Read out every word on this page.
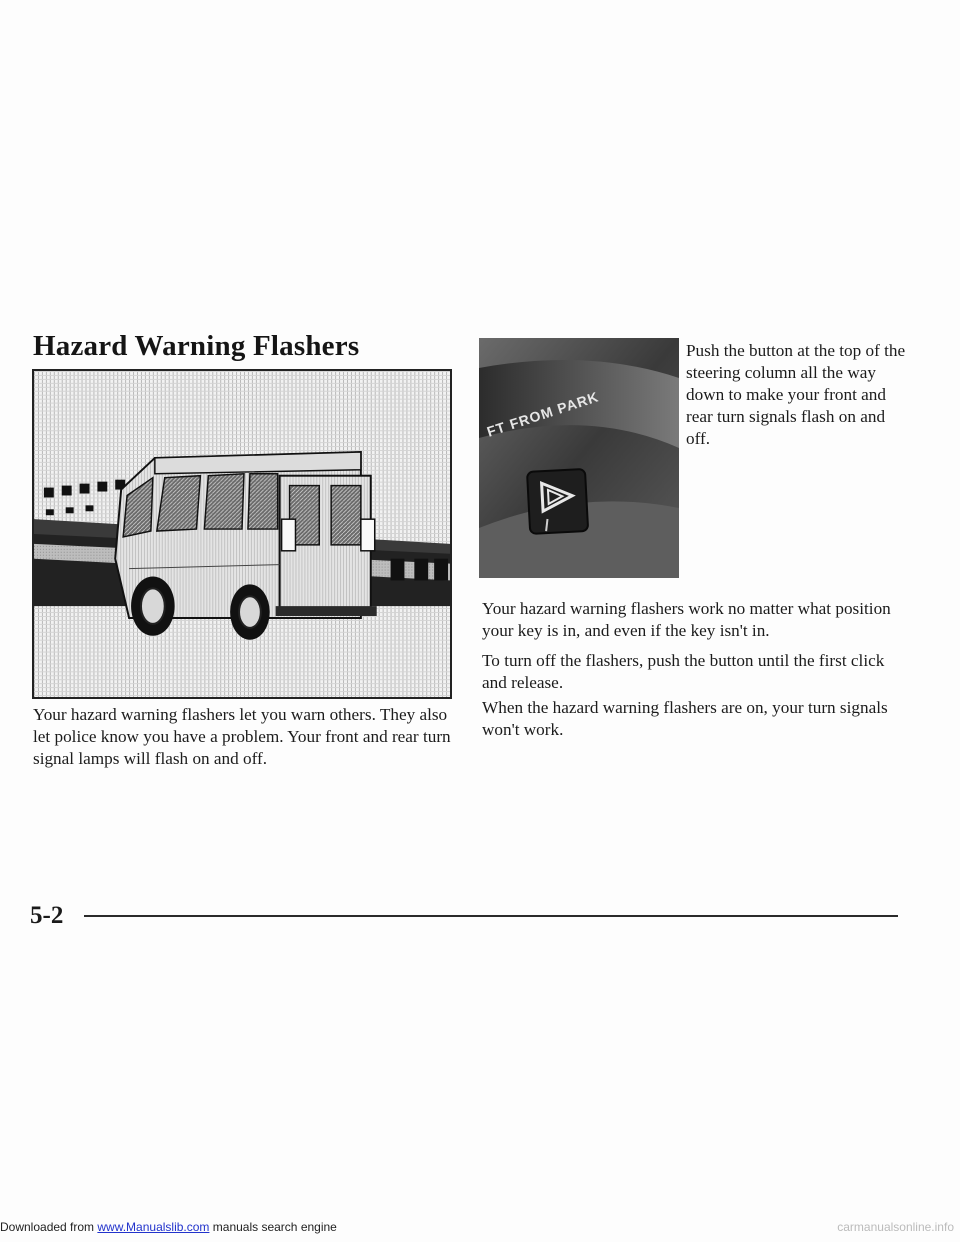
Hazard Warning Flashers

Your hazard warning flashers let you warn others. They also let police know you have a problem. Your front and rear turn signal lamps will flash on and off.

FT FROM PARK

Push the button at the top of the steering column all the way down to make your front and rear turn signals flash on and off.

Your hazard warning flashers work no matter what position your key is in, and even if the key isn't in.

To turn off the flashers, push the button until the first click and release.

When the hazard warning flashers are on, your turn signals won't work.

5-2

Downloaded from www.Manualslib.com manuals search engine	carmanualsonline.info
